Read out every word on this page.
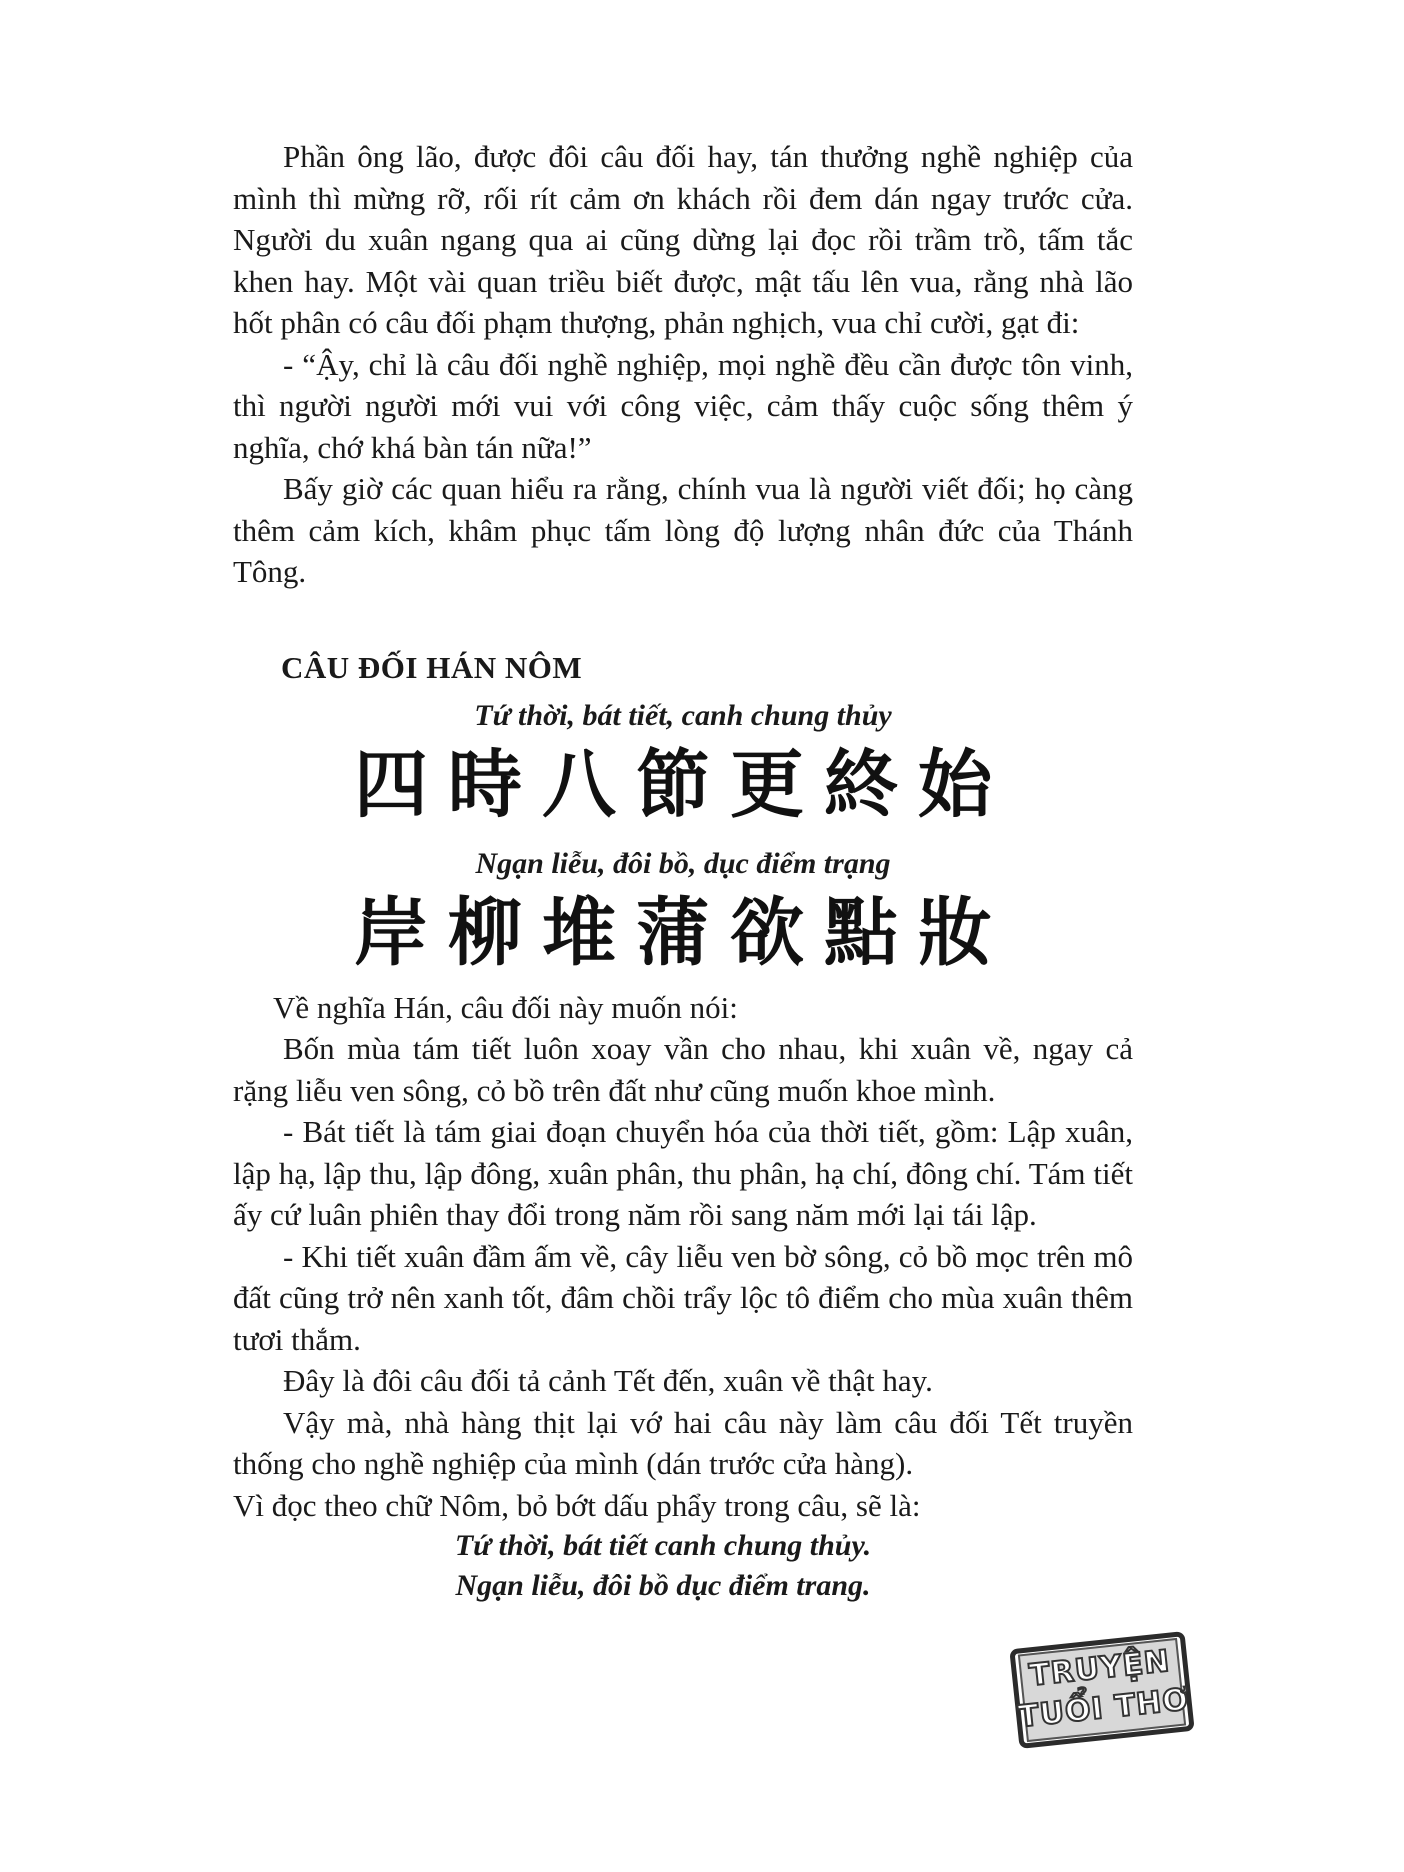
Phần ông lão, được đôi câu đối hay, tán thưởng nghề nghiệp của mình thì mừng rỡ, rối rít cảm ơn khách rồi đem dán ngay trước cửa. Người du xuân ngang qua ai cũng dừng lại đọc rồi trầm trồ, tấm tắc khen hay. Một vài quan triều biết được, mật tấu lên vua, rằng nhà lão hốt phân có câu đối phạm thượng, phản nghịch, vua chỉ cười, gạt đi:

- “Ậy, chỉ là câu đối nghề nghiệp, mọi nghề đều cần được tôn vinh, thì người người mới vui với công việc, cảm thấy cuộc sống thêm ý nghĩa, chớ khá bàn tán nữa!”

Bấy giờ các quan hiểu ra rằng, chính vua là người viết đối; họ càng thêm cảm kích, khâm phục tấm lòng độ lượng nhân đức của Thánh Tông.

CÂU ĐỐI HÁN NÔM
Tứ thời, bát tiết, canh chung thủy
四時八節更終始
Ngạn liễu, đôi bồ, dục điểm trạng
岸柳堆蒲欲點妝

Về nghĩa Hán, câu đối này muốn nói:

Bốn mùa tám tiết luôn xoay vần cho nhau, khi xuân về, ngay cả rặng liễu ven sông, cỏ bồ trên đất như cũng muốn khoe mình.

- Bát tiết là tám giai đoạn chuyển hóa của thời tiết, gồm: Lập xuân, lập hạ, lập thu, lập đông, xuân phân, thu phân, hạ chí, đông chí. Tám tiết ấy cứ luân phiên thay đổi trong năm rồi sang năm mới lại tái lập.

- Khi tiết xuân đầm ấm về, cây liễu ven bờ sông, cỏ bồ mọc trên mô đất cũng trở nên xanh tốt, đâm chồi trẩy lộc tô điểm cho mùa xuân thêm tươi thắm.

Đây là đôi câu đối tả cảnh Tết đến, xuân về thật hay.

Vậy mà, nhà hàng thịt lại vớ hai câu này làm câu đối Tết truyền thống cho nghề nghiệp của mình (dán trước cửa hàng).

Vì đọc theo chữ Nôm, bỏ bớt dấu phẩy trong câu, sẽ là:

Tứ thời, bát tiết canh chung thủy.
Ngạn liễu, đôi bồ dục điểm trang.
TRUYỆN
TUỔI THƠ
